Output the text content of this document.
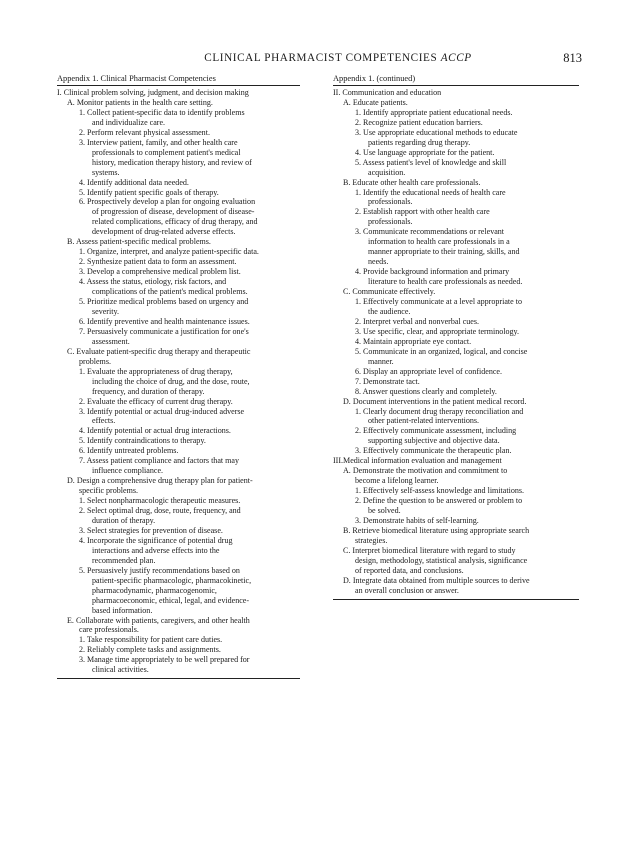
CLINICAL PHARMACIST COMPETENCIES ACCP	813
Appendix 1. Clinical Pharmacist Competencies
I. Clinical problem solving, judgment, and decision making
A. Monitor patients in the health care setting.
1. Collect patient-specific data to identify problems
and individualize care.
2. Perform relevant physical assessment.
3. Interview patient, family, and other health care
professionals to complement patient's medical
history, medication therapy history, and review of
systems.
4. Identify additional data needed.
5. Identify patient specific goals of therapy.
6. Prospectively develop a plan for ongoing evaluation
of progression of disease, development of disease-
related complications, efficacy of drug therapy, and
development of drug-related adverse effects.
B. Assess patient-specific medical problems.
1. Organize, interpret, and analyze patient-specific data.
2. Synthesize patient data to form an assessment.
3. Develop a comprehensive medical problem list.
4. Assess the status, etiology, risk factors, and
complications of the patient's medical problems.
5. Prioritize medical problems based on urgency and
severity.
6. Identify preventive and health maintenance issues.
7. Persuasively communicate a justification for one's
assessment.
C. Evaluate patient-specific drug therapy and therapeutic
problems.
1. Evaluate the appropriateness of drug therapy,
including the choice of drug, and the dose, route,
frequency, and duration of therapy.
2. Evaluate the efficacy of current drug therapy.
3. Identify potential or actual drug-induced adverse
effects.
4. Identify potential or actual drug interactions.
5. Identify contraindications to therapy.
6. Identify untreated problems.
7. Assess patient compliance and factors that may
influence compliance.
D. Design a comprehensive drug therapy plan for patient-
specific problems.
1. Select nonpharmacologic therapeutic measures.
2. Select optimal drug, dose, route, frequency, and
duration of therapy.
3. Select strategies for prevention of disease.
4. Incorporate the significance of potential drug
interactions and adverse effects into the
recommended plan.
5. Persuasively justify recommendations based on
patient-specific pharmacologic, pharmacokinetic,
pharmacodynamic, pharmacogenomic,
pharmacoeconomic, ethical, legal, and evidence-
based information.
E. Collaborate with patients, caregivers, and other health
care professionals.
1. Take responsibility for patient care duties.
2. Reliably complete tasks and assignments.
3. Manage time appropriately to be well prepared for
clinical activities.
Appendix 1. (continued)
II. Communication and education
A. Educate patients.
1. Identify appropriate patient educational needs.
2. Recognize patient education barriers.
3. Use appropriate educational methods to educate
patients regarding drug therapy.
4. Use language appropriate for the patient.
5. Assess patient's level of knowledge and skill
acquisition.
B. Educate other health care professionals.
1. Identify the educational needs of health care
professionals.
2. Establish rapport with other health care
professionals.
3. Communicate recommendations or relevant
information to health care professionals in a
manner appropriate to their training, skills, and
needs.
4. Provide background information and primary
literature to health care professionals as needed.
C. Communicate effectively.
1. Effectively communicate at a level appropriate to
the audience.
2. Interpret verbal and nonverbal cues.
3. Use specific, clear, and appropriate terminology.
4. Maintain appropriate eye contact.
5. Communicate in an organized, logical, and concise
manner.
6. Display an appropriate level of confidence.
7. Demonstrate tact.
8. Answer questions clearly and completely.
D. Document interventions in the patient medical record.
1. Clearly document drug therapy reconciliation and
other patient-related interventions.
2. Effectively communicate assessment, including
supporting subjective and objective data.
3. Effectively communicate the therapeutic plan.
III.Medical information evaluation and management
A. Demonstrate the motivation and commitment to
become a lifelong learner.
1. Effectively self-assess knowledge and limitations.
2. Define the question to be answered or problem to
be solved.
3. Demonstrate habits of self-learning.
B. Retrieve biomedical literature using appropriate search
strategies.
C. Interpret biomedical literature with regard to study
design, methodology, statistical analysis, significance
of reported data, and conclusions.
D. Integrate data obtained from multiple sources to derive
an overall conclusion or answer.
